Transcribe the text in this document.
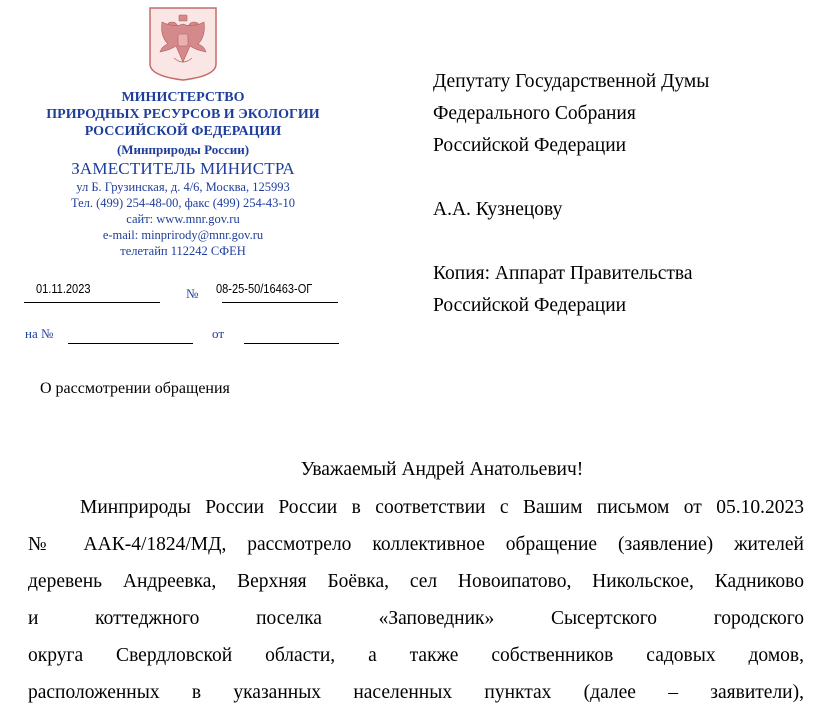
МИНИСТЕРСТВО
ПРИРОДНЫХ РЕСУРСОВ И ЭКОЛОГИИ
РОССИЙСКОЙ ФЕДЕРАЦИИ
(Минприроды России)
ЗАМЕСТИТЕЛЬ МИНИСТРА
ул Б. Грузинская, д. 4/6, Москва, 125993
Тел. (499) 254-48-00, факс (499) 254-43-10
сайт: www.mnr.gov.ru
e-mail: minprirody@mnr.gov.ru
телетайп 112242 СФЕН
01.11.2023	№ 08-25-50/16463-ОГ
на №	от
О рассмотрении обращения
Депутату Государственной Думы
Федерального Собрания
Российской Федерации
А.А. Кузнецову
Копия: Аппарат Правительства
Российской Федерации
Уважаемый Андрей Анатольевич!
Минприроды России России в соответствии с Вашим письмом от 05.10.2023
№ ААК-4/1824/МД, рассмотрело коллективное обращение (заявление) жителей
деревень Андреевка, Верхняя Боёвка, сел Новоипатово, Никольское, Кадниково
и коттеджного поселка «Заповедник» Сысертского городского
округа Свердловской области, а также собственников садовых домов,
расположенных в указанных населенных пунктах (далее – заявители),
